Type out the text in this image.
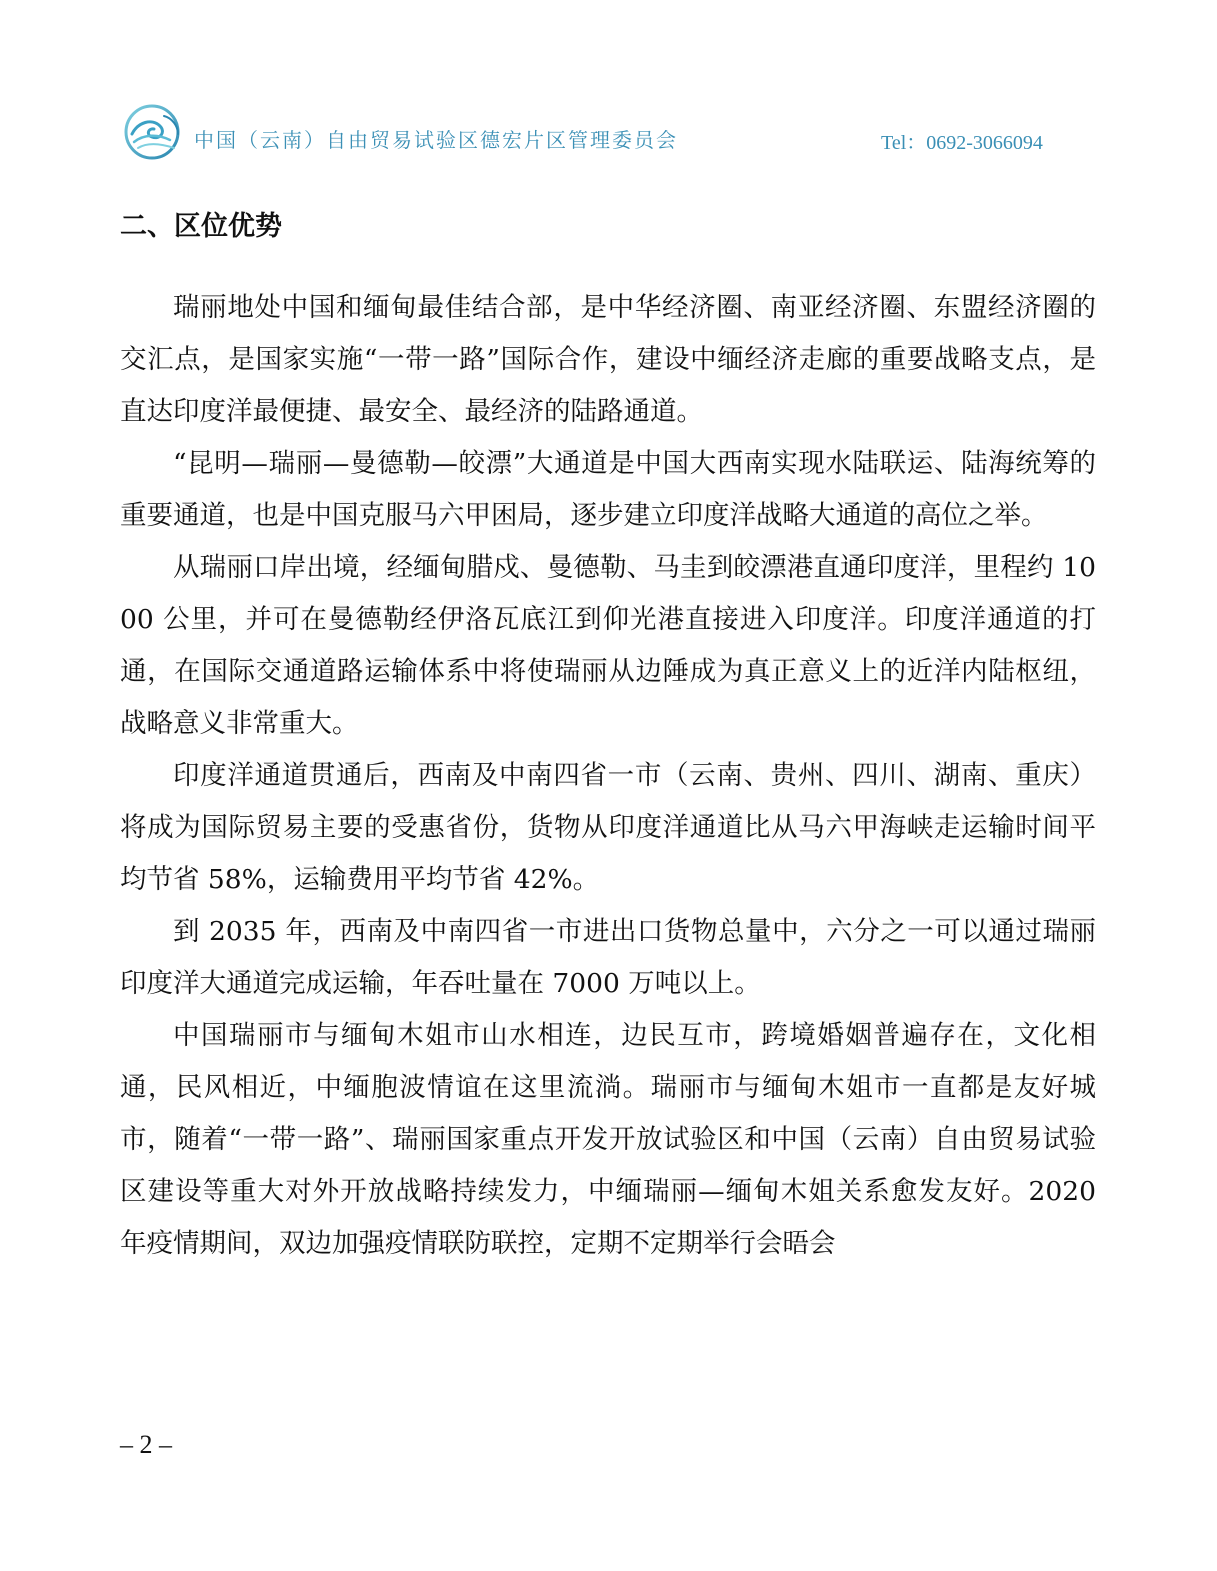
中国（云南）自由贸易试验区德宏片区管理委员会	Tel：0692-3066094
二、区位优势

瑞丽地处中国和缅甸最佳结合部，是中华经济圈、南亚经济圈、东盟经济圈的交汇点，是国家实施“一带一路”国际合作，建设中缅经济走廊的重要战略支点，是直达印度洋最便捷、最安全、最经济的陆路通道。

“昆明—瑞丽—曼德勒—皎漂”大通道是中国大西南实现水陆联运、陆海统筹的重要通道，也是中国克服马六甲困局，逐步建立印度洋战略大通道的高位之举。

从瑞丽口岸出境，经缅甸腊戍、曼德勒、马圭到皎漂港直通印度洋，里程约 1000 公里，并可在曼德勒经伊洛瓦底江到仰光港直接进入印度洋。印度洋通道的打通，在国际交通道路运输体系中将使瑞丽从边陲成为真正意义上的近洋内陆枢纽，战略意义非常重大。

印度洋通道贯通后，西南及中南四省一市（云南、贵州、四川、湖南、重庆）将成为国际贸易主要的受惠省份，货物从印度洋通道比从马六甲海峡走运输时间平均节省 58%，运输费用平均节省 42%。

到 2035 年，西南及中南四省一市进出口货物总量中，六分之一可以通过瑞丽印度洋大通道完成运输，年吞吐量在 7000 万吨以上。

中国瑞丽市与缅甸木姐市山水相连，边民互市，跨境婚姻普遍存在，文化相通，民风相近，中缅胞波情谊在这里流淌。瑞丽市与缅甸木姐市一直都是友好城市，随着“一带一路”、瑞丽国家重点开发开放试验区和中国（云南）自由贸易试验区建设等重大对外开放战略持续发力，中缅瑞丽—缅甸木姐关系愈发友好。2020 年疫情期间，双边加强疫情联防联控，定期不定期举行会晤会

– 2 –
